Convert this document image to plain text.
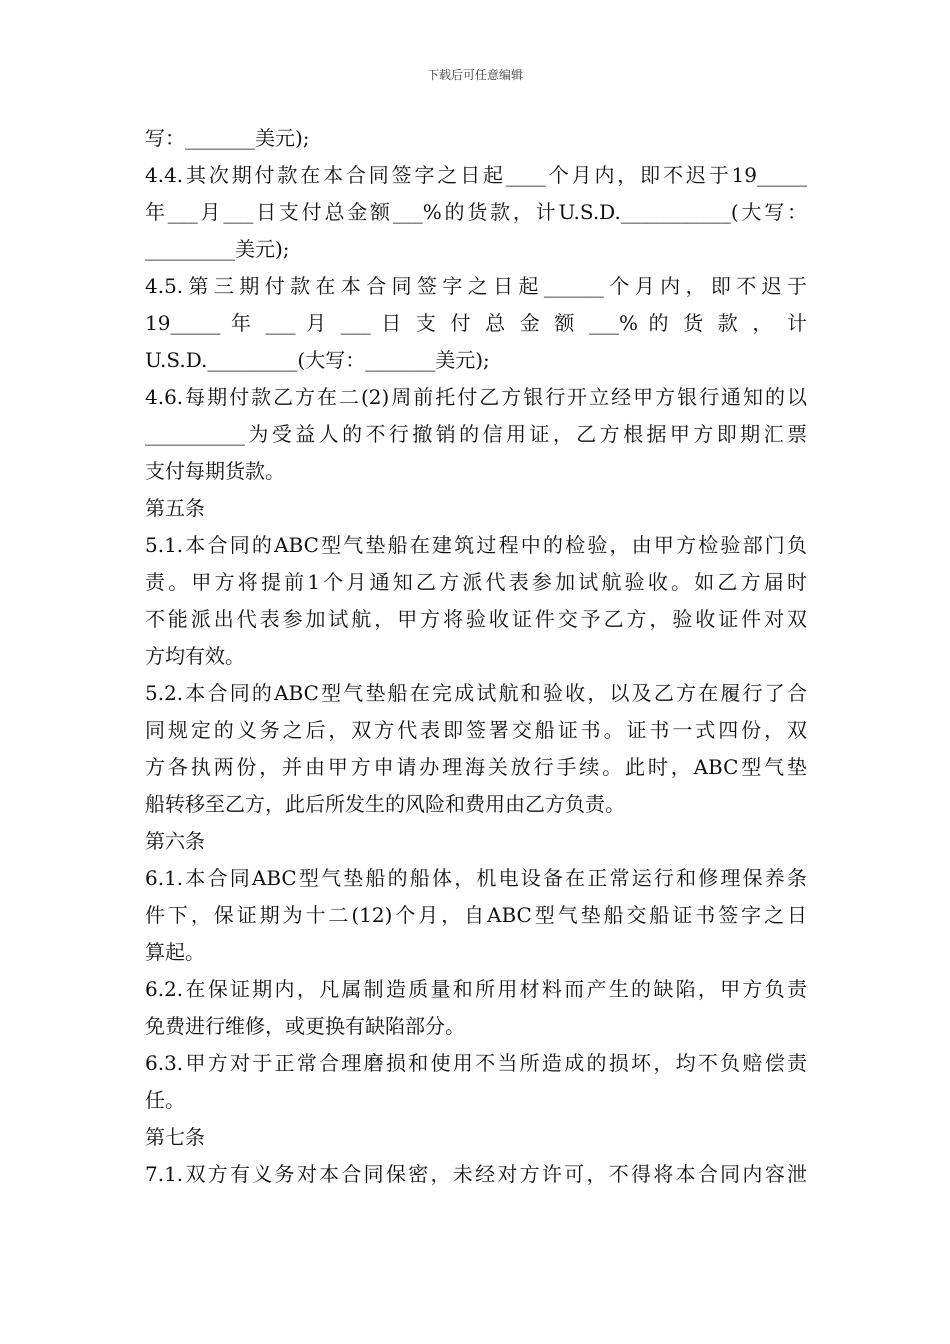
下载后可任意编辑
写：_______美元);
4.4.其次期付款在本合同签字之日起____个月内，即不迟于19_____
年___月___日支付总金额___%的货款，计U.S.D.___________(大写：
_________美元);
4.5.第三期付款在本合同签字之日起______个月内，即不迟于
19_____ 年 ___ 月 ___ 日 支 付 总 金 额 ___% 的 货 款 ， 计
U.S.D._________(大写：_______美元);
4.6.每期付款乙方在二(2)周前托付乙方银行开立经甲方银行通知的以
__________为受益人的不行撤销的信用证，乙方根据甲方即期汇票
支付每期货款。
第五条
5.1.本合同的ABC型气垫船在建筑过程中的检验，由甲方检验部门负
责。甲方将提前1个月通知乙方派代表参加试航验收。如乙方届时
不能派出代表参加试航，甲方将验收证件交予乙方，验收证件对双
方均有效。
5.2.本合同的ABC型气垫船在完成试航和验收，以及乙方在履行了合
同规定的义务之后，双方代表即签署交船证书。证书一式四份，双
方各执两份，并由甲方申请办理海关放行手续。此时，ABC型气垫
船转移至乙方，此后所发生的风险和费用由乙方负责。
第六条
6.1.本合同ABC型气垫船的船体，机电设备在正常运行和修理保养条
件下，保证期为十二(12)个月，自ABC型气垫船交船证书签字之日
算起。
6.2.在保证期内，凡属制造质量和所用材料而产生的缺陷，甲方负责
免费进行维修，或更换有缺陷部分。
6.3.甲方对于正常合理磨损和使用不当所造成的损坏，均不负赔偿责
任。
第七条
7.1.双方有义务对本合同保密，未经对方许可，不得将本合同内容泄
